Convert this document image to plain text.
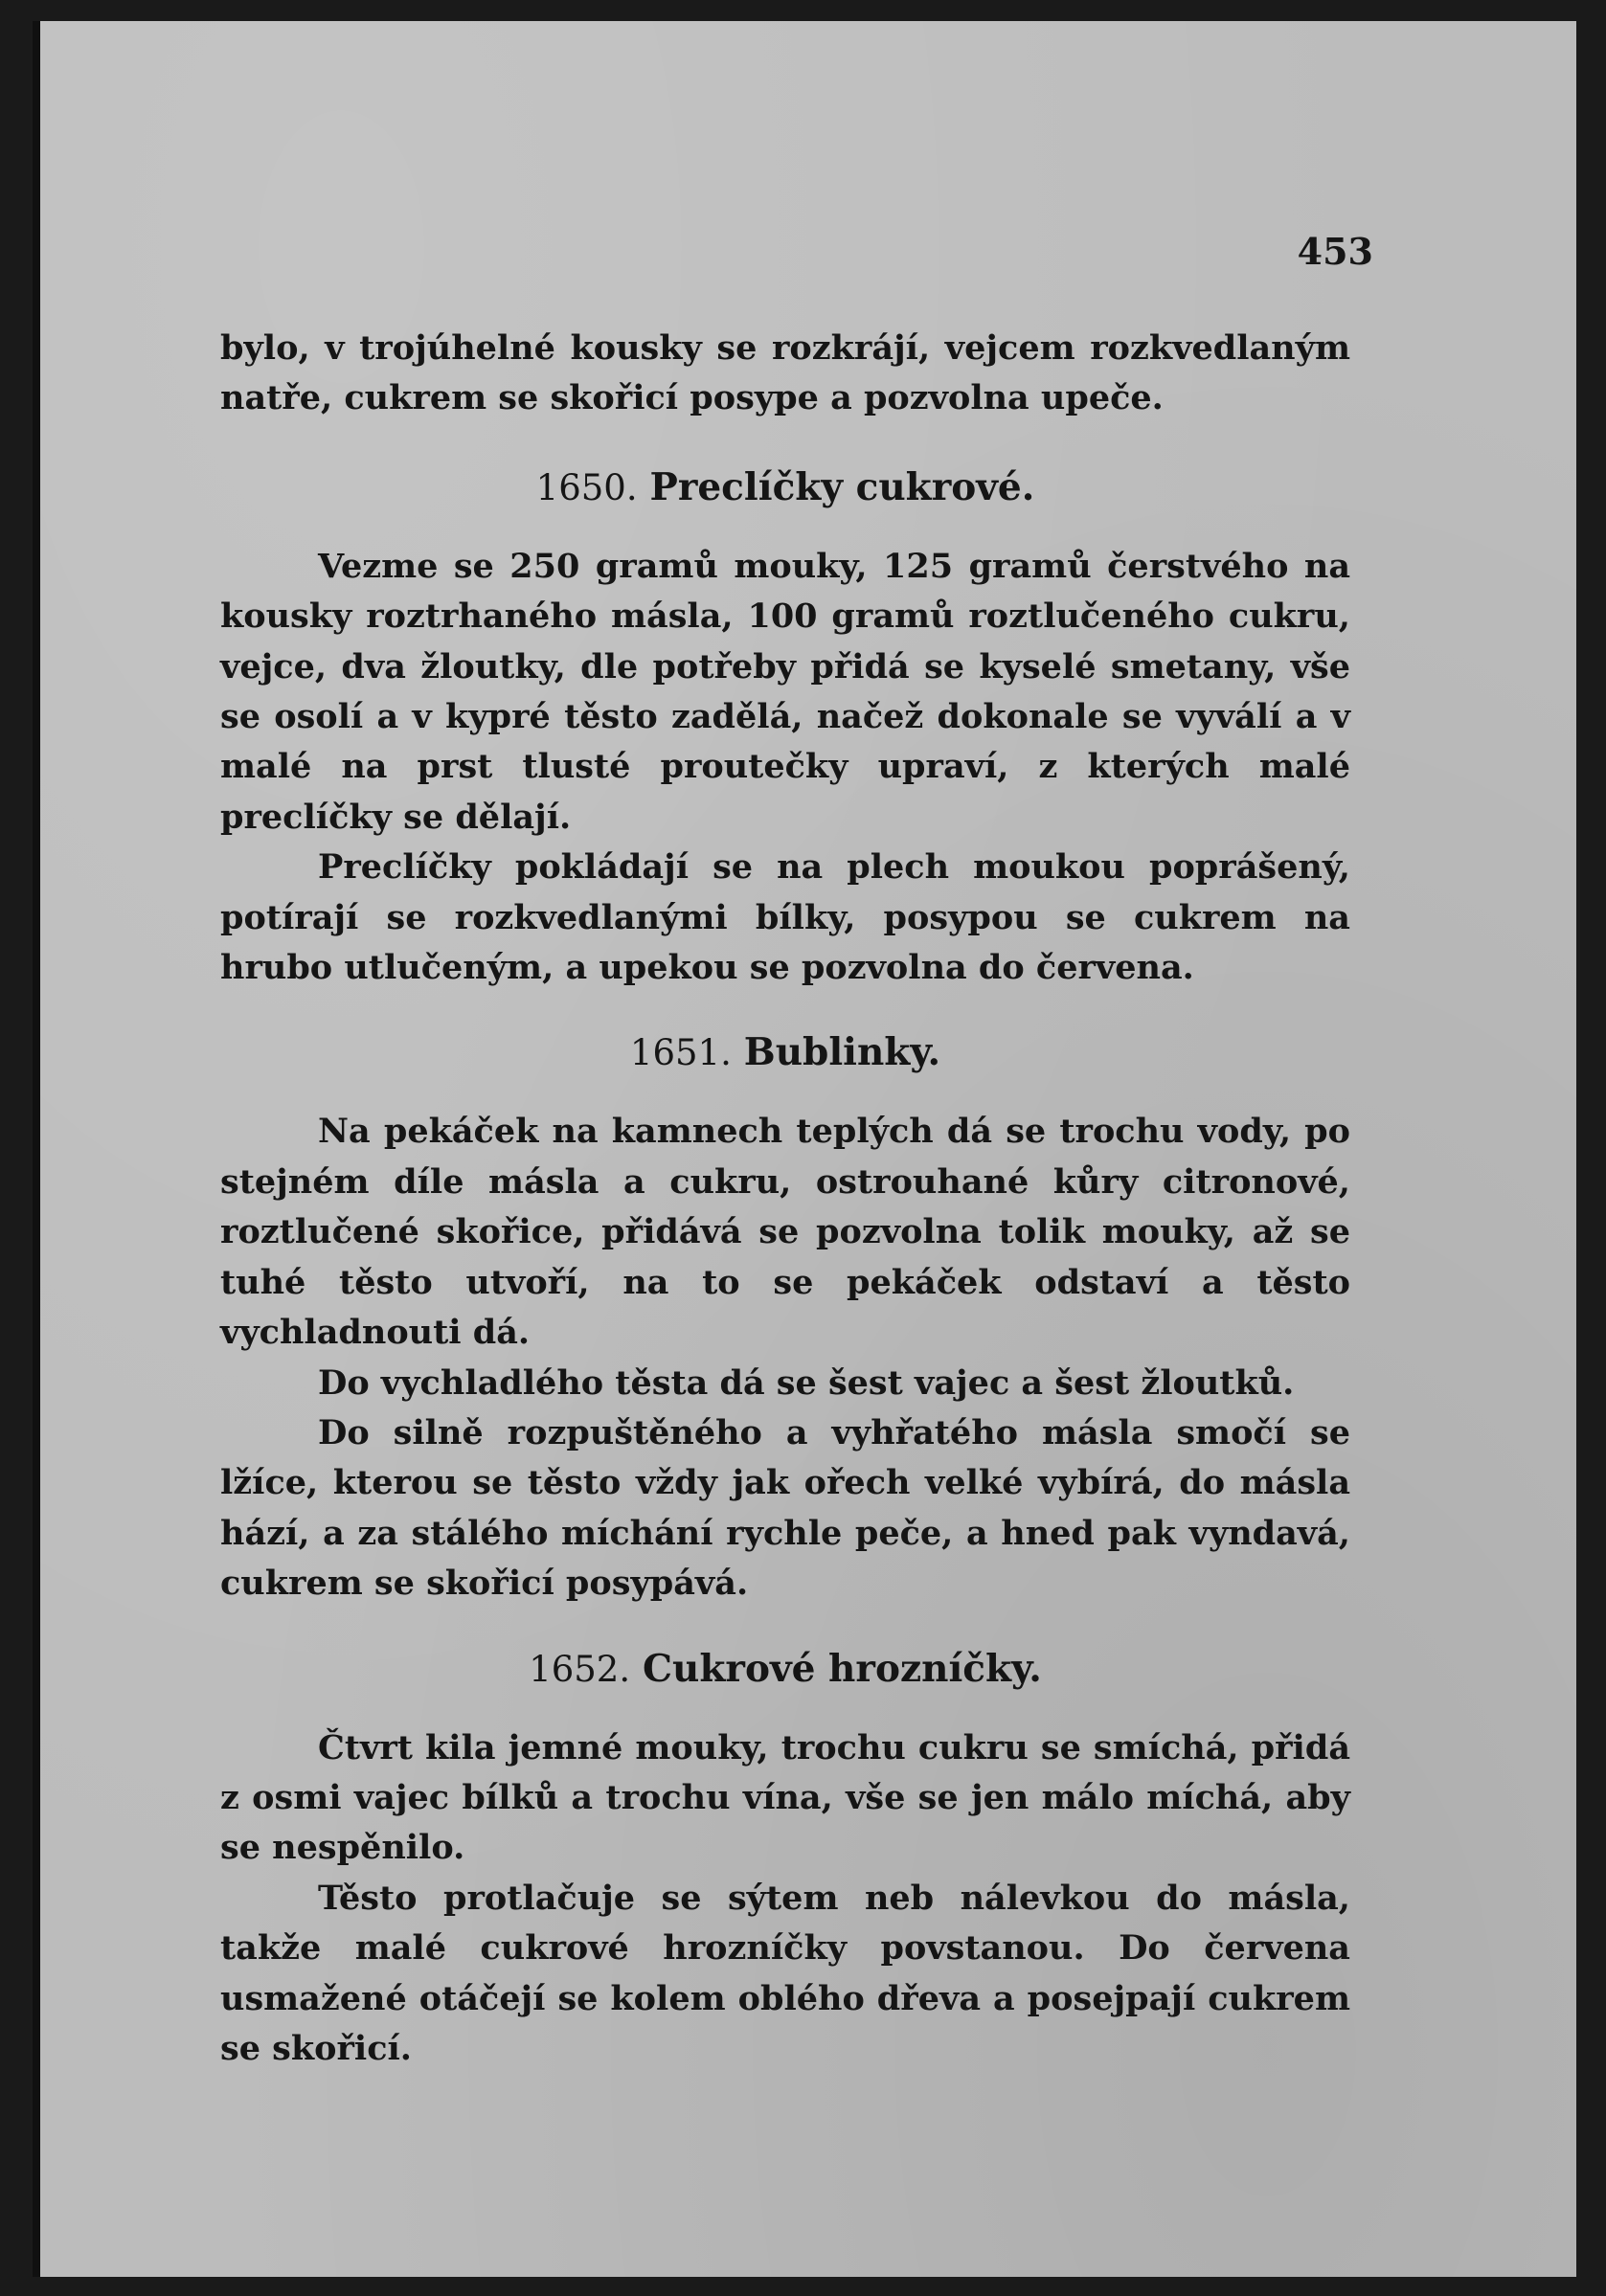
453

bylo, v trojúhelné kousky se rozkrájí, vejcem rozkvedlaným natře, cukrem se skořicí posype a pozvolna upeče.

1650. Preclíčky cukrové.

Vezme se 250 gramů mouky, 125 gramů čerstvého na kousky roztrhaného másla, 100 gramů roztlučeného cukru, vejce, dva žloutky, dle potřeby přidá se kyselé smetany, vše se osolí a v kypré těsto zadělá, načež dokonale se vyválí a v malé na prst tlusté proutečky upraví, z kterých malé preclíčky se dělají.

Preclíčky pokládají se na plech moukou poprášený, potírají se rozkvedlanými bílky, posypou se cukrem na hrubo utlučeným, a upekou se pozvolna do červena.

1651. Bublinky.

Na pekáček na kamnech teplých dá se trochu vody, po stejném díle másla a cukru, ostrouhané kůry citronové, roztlučené skořice, přidává se pozvolna tolik mouky, až se tuhé těsto utvoří, na to se pekáček odstaví a těsto vychladnouti dá.

Do vychladlého těsta dá se šest vajec a šest žloutků.

Do silně rozpuštěného a vyhřatého másla smočí se lžíce, kterou se těsto vždy jak ořech velké vybírá, do másla hází, a za stálého míchání rychle peče, a hned pak vyndavá, cukrem se skořicí posypává.

1652. Cukrové hrozníčky.

Čtvrt kila jemné mouky, trochu cukru se smíchá, přidá z osmi vajec bílků a trochu vína, vše se jen málo míchá, aby se nespěnilo.

Těsto protlačuje se sýtem neb nálevkou do másla, takže malé cukrové hrozníčky povstanou. Do červena usmažené otáčejí se kolem oblého dřeva a posejpají cukrem se skořicí.
